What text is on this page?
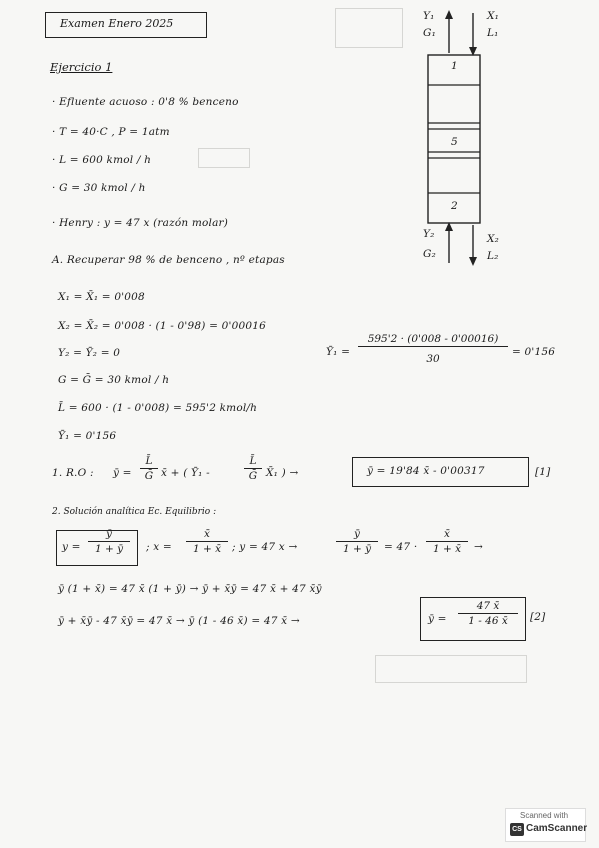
Examen Enero 2025
Ejercicio 1
· Efluente acuoso : 0'8 % benceno
· T = 40·C , P = 1atm
· L = 600 kmol / h
· G = 30 kmol / h
· Henry : y = 47 x (razón molar)
Y₁
G₁
X₁
L₁
1
5
2
Y₂
G₂
X₂
L₂
A. Recuperar 98 % de benceno , nº etapas
X₁ = X̄₁ = 0'008
X₂ = X̄₂ = 0'008 · (1 - 0'98) = 0'00016
Y₂ = Ȳ₂ = 0
G = Ḡ = 30 kmol / h
L̄ = 600 · (1 - 0'008) = 595'2 kmol/h
Ȳ₁ = 0'156
Ȳ₁ = $\frac{595'2 \cdot (0'008 - 0'00016)}{30} = 0'156$
1. R.O : ȳ = $\frac{L̄}{\text{Ḡ}}$ x̄ + ( Ȳ₁ -	$\frac{L̄}{\text{Ḡ}}$ X̄₁ ) →	ȳ = 19'84 x̄ - 0'00317	[1]
2. Solución analítica Ec. Equilibrio :
$y = \frac{ȳ}{1 + ȳ}$ ; $x = \frac{x̄}{1 + x̄}$ ; y = 47 x →	$\frac{ȳ}{1 + ȳ} = 47 \cdot \frac{x̄}{1 + x̄}$ →
ȳ (1 + x̄) = 47 x̄ (1 + ȳ) → ȳ + x̄ȳ = 47 x̄ + 47 x̄ȳ
ȳ + x̄ȳ - 47 x̄ȳ = 47 x̄ → ȳ (1 - 46 x̄) = 47 x̄ →	ȳ = $\frac{47 x̄}{1 - 46 x̄} [2]$
Scanned with
CS CamScanner
